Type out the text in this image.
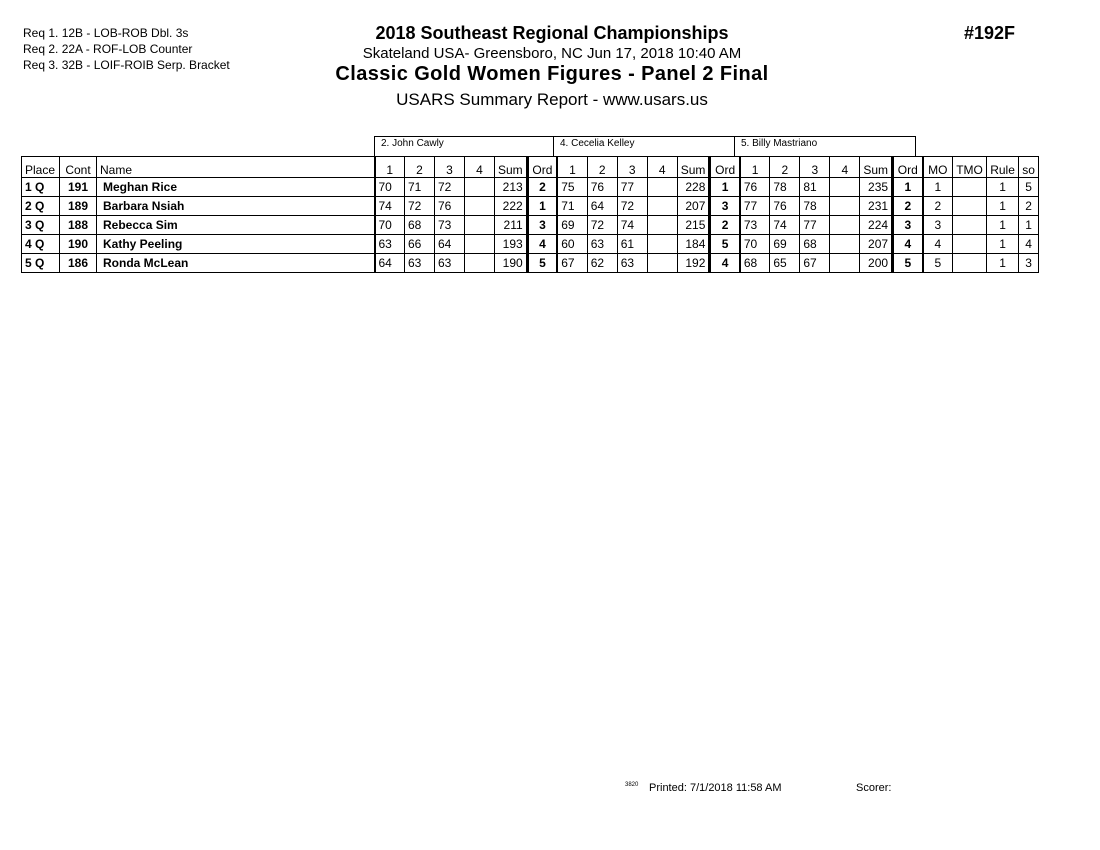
Req 1. 12B - LOB-ROB Dbl. 3s
Req 2. 22A - ROF-LOB Counter
Req 3. 32B - LOIF-ROIB Serp. Bracket
2018 Southeast Regional Championships
Skateland USA- Greensboro, NC Jun 17, 2018 10:40 AM
Classic Gold Women Figures - Panel 2 Final
USARS Summary Report - www.usars.us
#192F
2. John Cawly	4. Cecelia Kelley	5. Billy Mastriano
Place	Cont	Name	1	2	3	4	Sum	Ord	1	2	3	4	Sum	Ord	1	2	3	4	Sum	Ord	MO	TMO	Rule	so
1 Q	191	Meghan Rice	70	71	72		213	2	75	76	77		228	1	76	78	81		235	1	1		1	5
2 Q	189	Barbara Nsiah	74	72	76		222	1	71	64	72		207	3	77	76	78		231	2	2		1	2
3 Q	188	Rebecca Sim	70	68	73		211	3	69	72	74		215	2	73	74	77		224	3	3		1	1
4 Q	190	Kathy Peeling	63	66	64		193	4	60	63	61		184	5	70	69	68		207	4	4		1	4
5 Q	186	Ronda McLean	64	63	63		190	5	67	62	63		192	4	68	65	67		200	5	5		1	3
3820 Printed: 7/1/2018 11:58 AM	Scorer:
